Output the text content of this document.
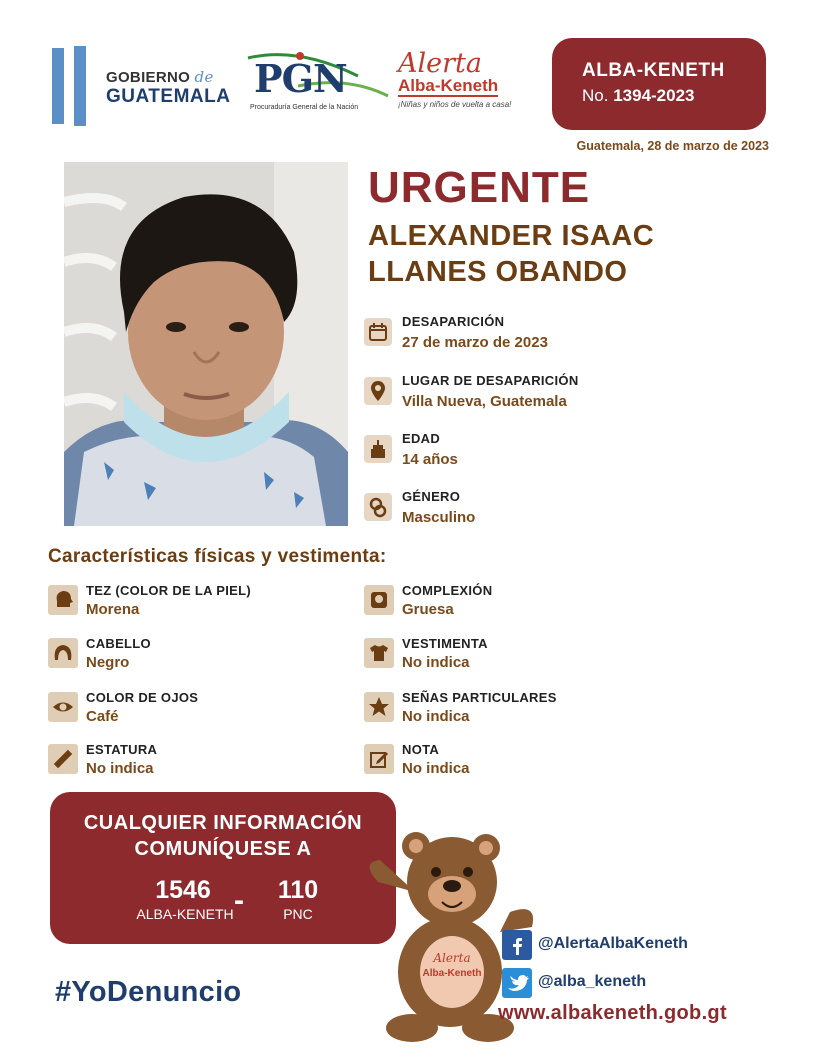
GOBIERNO de
GUATEMALA PGN
Procuraduría General de la Nación
Alerta
Alba-Keneth
¡Niñas y niños de vuelta a casa!
ALBA-KENETH
No. 1394-2023
Guatemala, 28 de marzo de 2023
URGENTE
ALEXANDER ISAAC
LLANES OBANDO
DESAPARICIÓN
27 de marzo de 2023
LUGAR DE DESAPARICIÓN
Villa Nueva, Guatemala
EDAD
14 años
GÉNERO
Masculino
Características físicas y vestimenta:
TEZ (COLOR DE LA PIEL)
Morena
COMPLEXIÓN
Gruesa
CABELLO
Negro
VESTIMENTA
No indica
COLOR DE OJOS
Café
SEÑAS PARTICULARES
No indica
ESTATURA
No indica
NOTA
No indica
CUALQUIER INFORMACIÓN
COMUNÍQUESE A
1546
ALBA-KENETH -	110
PNC
Alerta
Alba-Keneth
#YoDenuncio
@AlertaAlbaKeneth
@alba_keneth
www.albakeneth.gob.gt
